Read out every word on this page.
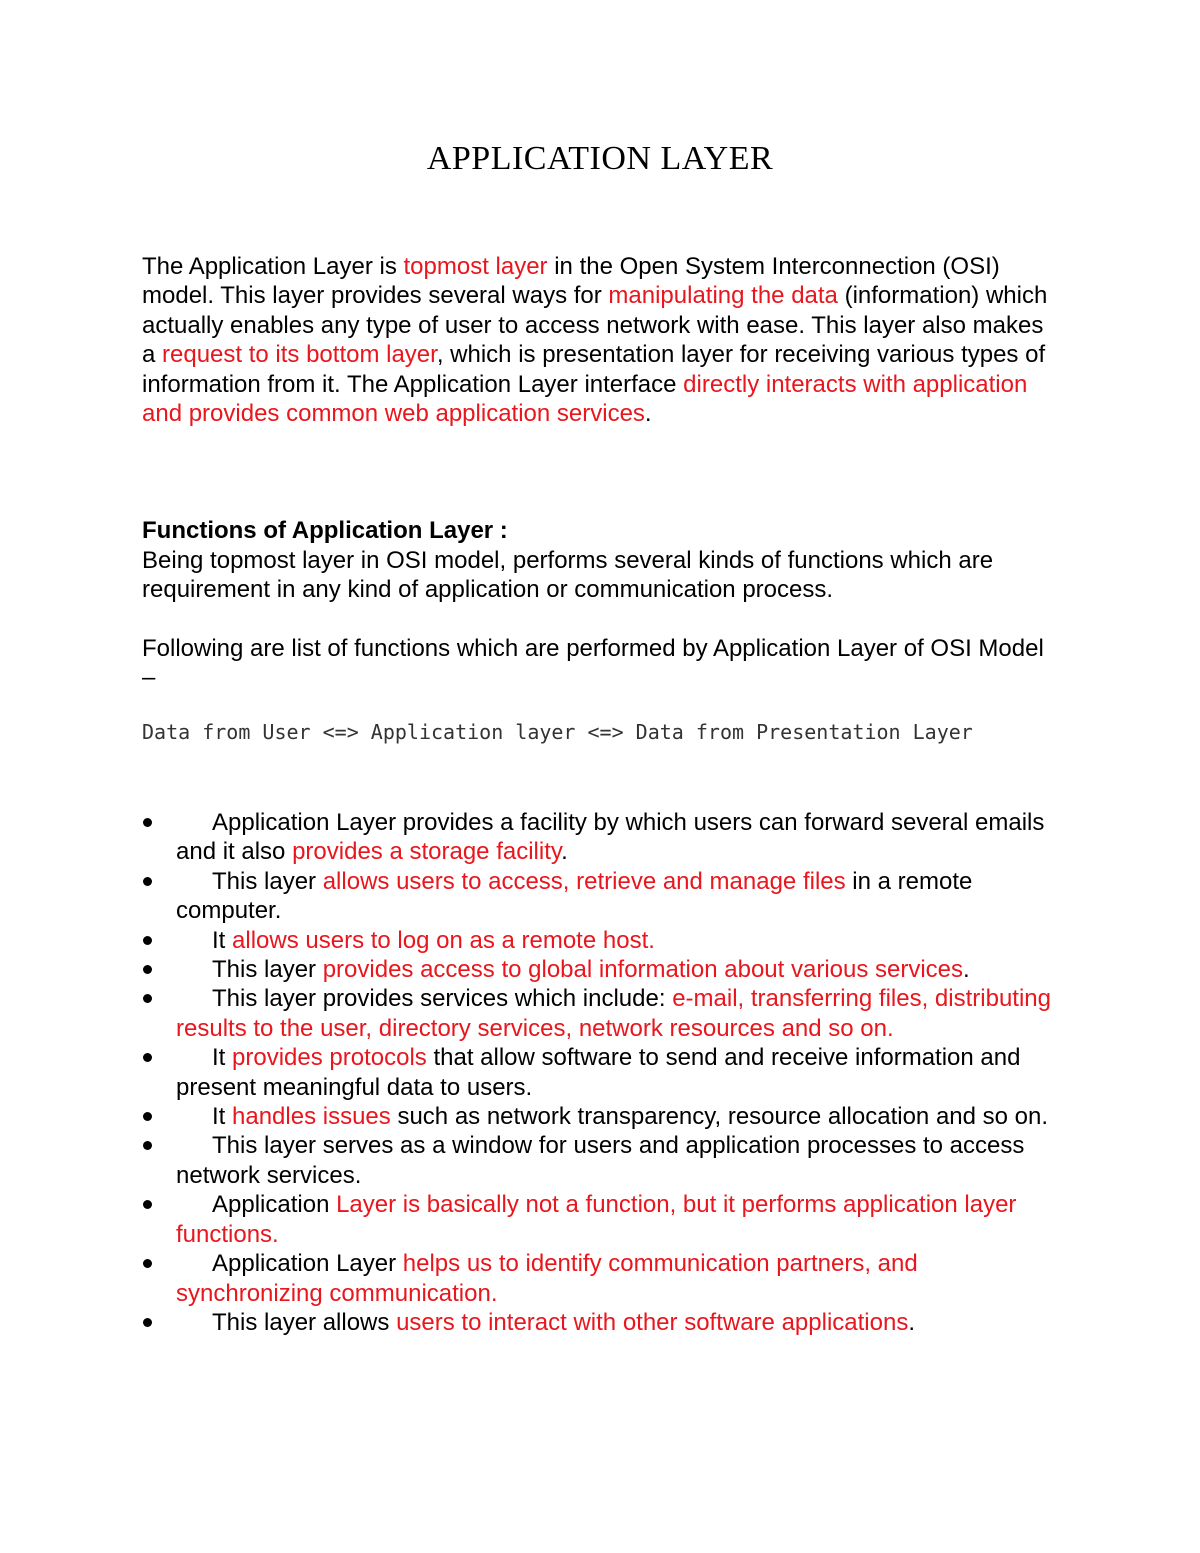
APPLICATION LAYER

The Application Layer is topmost layer in the Open System Interconnection (OSI) model. This layer provides several ways for manipulating the data (information) which actually enables any type of user to access network with ease. This layer also makes a request to its bottom layer, which is presentation layer for receiving various types of information from it. The Application Layer interface directly interacts with application and provides common web application services.

Functions of Application Layer :

Being topmost layer in OSI model, performs several kinds of functions which are requirement in any kind of application or communication process.

Following are list of functions which are performed by Application Layer of OSI Model –

Data from User <=> Application layer <=> Data from Presentation Layer

Application Layer provides a facility by which users can forward several emails and it also provides a storage facility.
This layer allows users to access, retrieve and manage files in a remote computer.
It allows users to log on as a remote host.
This layer provides access to global information about various services.
This layer provides services which include: e-mail, transferring files, distributing results to the user, directory services, network resources and so on.
It provides protocols that allow software to send and receive information and present meaningful data to users.
It handles issues such as network transparency, resource allocation and so on.
This layer serves as a window for users and application processes to access network services.
Application Layer is basically not a function, but it performs application layer functions.
Application Layer helps us to identify communication partners, and synchronizing communication.
This layer allows users to interact with other software applications.
